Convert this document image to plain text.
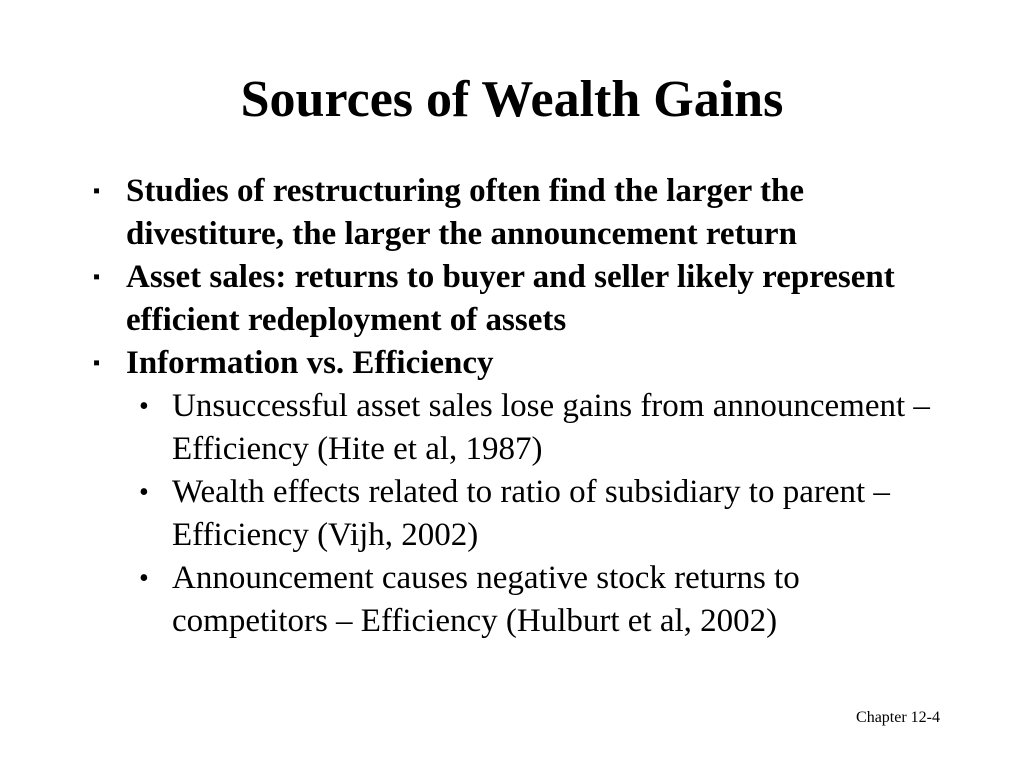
Sources of Wealth Gains
▪ Studies of restructuring often find the larger the divestiture, the larger the announcement return
▪ Asset sales: returns to buyer and seller likely represent efficient redeployment of assets
▪ Information vs. Efficiency
• Unsuccessful asset sales lose gains from announcement – Efficiency (Hite et al, 1987)
• Wealth effects related to ratio of subsidiary to parent – Efficiency (Vijh, 2002)
• Announcement causes negative stock returns to competitors – Efficiency (Hulburt et al, 2002)
Chapter 12-4
